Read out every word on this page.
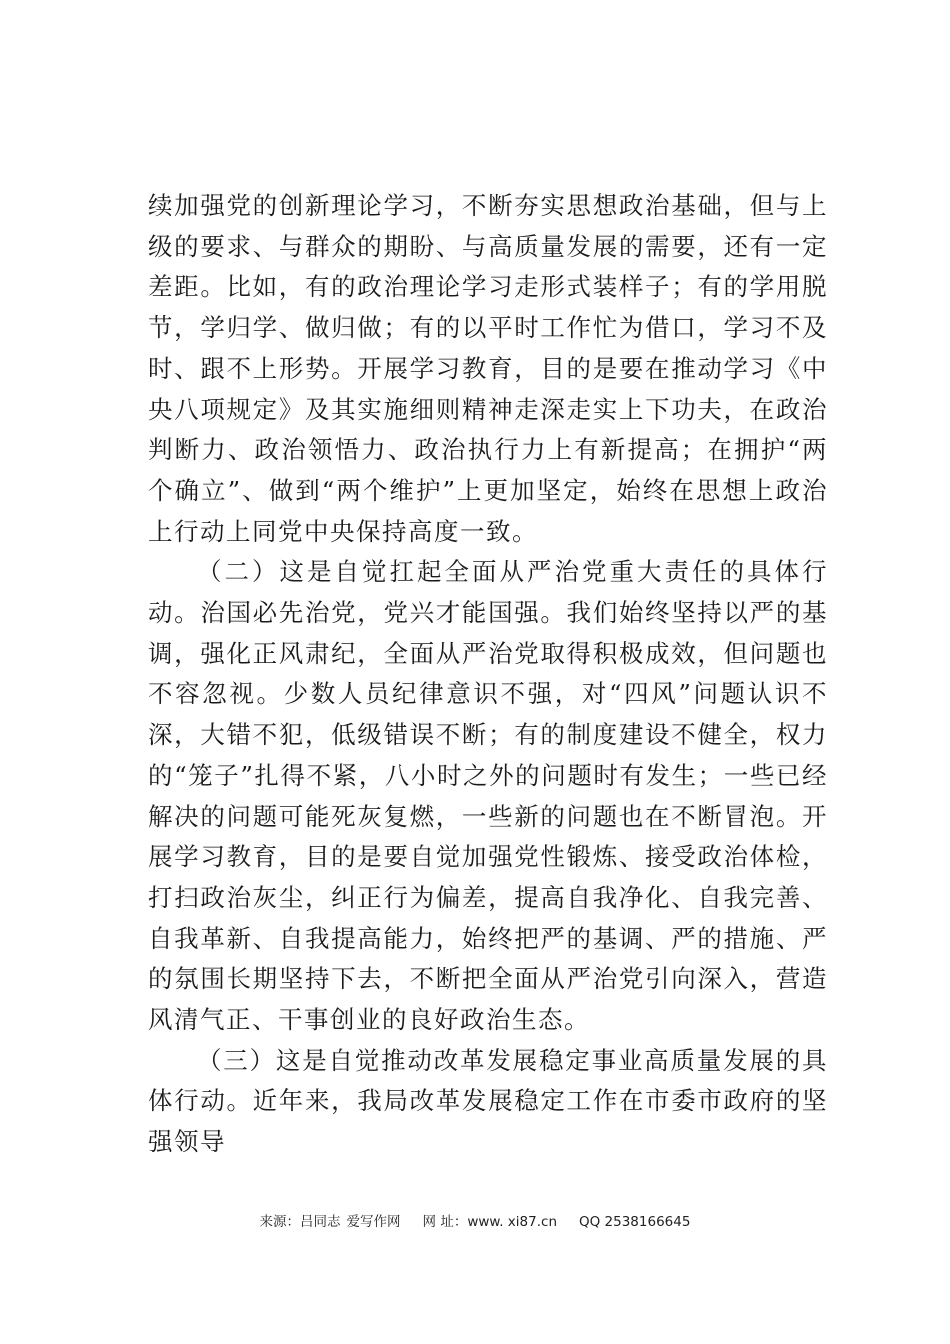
续加强党的创新理论学习，不断夯实思想政治基础，但与上级的要求、与群众的期盼、与高质量发展的需要，还有一定差距。比如，有的政治理论学习走形式装样子；有的学用脱节，学归学、做归做；有的以平时工作忙为借口，学习不及时、跟不上形势。开展学习教育，目的是要在推动学习《中央八项规定》及其实施细则精神走深走实上下功夫，在政治判断力、政治领悟力、政治执行力上有新提高；在拥护“两个确立”、做到“两个维护”上更加坚定，始终在思想上政治上行动上同党中央保持高度一致。

（二）这是自觉扛起全面从严治党重大责任的具体行动。治国必先治党，党兴才能国强。我们始终坚持以严的基调，强化正风肃纪，全面从严治党取得积极成效，但问题也不容忽视。少数人员纪律意识不强，对“四风”问题认识不深，大错不犯，低级错误不断；有的制度建设不健全，权力的“笼子”扎得不紧，八小时之外的问题时有发生；一些已经解决的问题可能死灰复燃，一些新的问题也在不断冒泡。开展学习教育，目的是要自觉加强党性锻炼、接受政治体检，打扫政治灰尘，纠正行为偏差，提高自我净化、自我完善、自我革新、自我提高能力，始终把严的基调、严的措施、严的氛围长期坚持下去，不断把全面从严治党引向深入，营造风清气正、干事创业的良好政治生态。

（三）这是自觉推动改革发展稳定事业高质量发展的具体行动。近年来，我局改革发展稳定工作在市委市政府的坚强领导

来源：吕同志 爱写作网 网 址：www. xi87.cn QQ 2538166645
